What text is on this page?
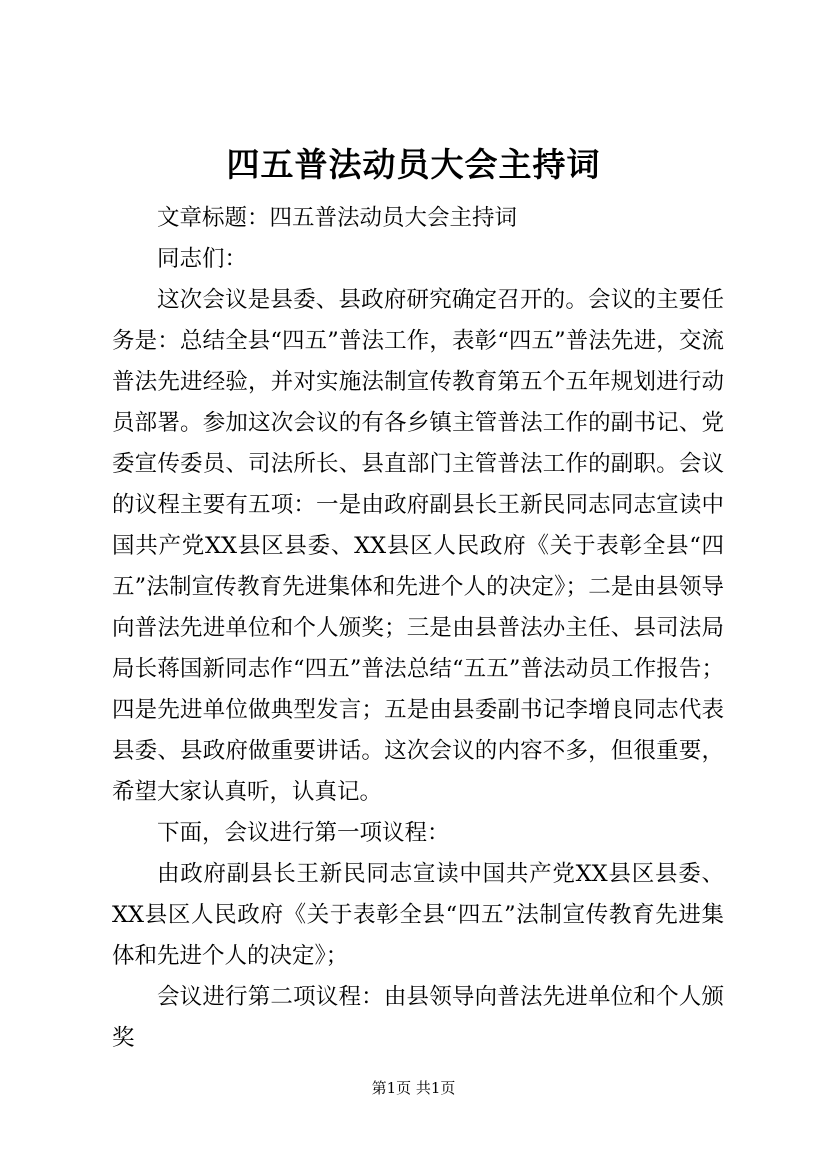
四五普法动员大会主持词

文章标题：四五普法动员大会主持词

同志们：

这次会议是县委、县政府研究确定召开的。会议的主要任务是：总结全县“四五”普法工作，表彰“四五”普法先进，交流普法先进经验，并对实施法制宣传教育第五个五年规划进行动员部署。参加这次会议的有各乡镇主管普法工作的副书记、党委宣传委员、司法所长、县直部门主管普法工作的副职。会议的议程主要有五项：一是由政府副县长王新民同志同志宣读中国共产党XX县区县委、XX县区人民政府《关于表彰全县“四五”法制宣传教育先进集体和先进个人的决定》；二是由县领导向普法先进单位和个人颁奖；三是由县普法办主任、县司法局局长蒋国新同志作“四五”普法总结“五五”普法动员工作报告；四是先进单位做典型发言；五是由县委副书记李增良同志代表县委、县政府做重要讲话。这次会议的内容不多，但很重要，希望大家认真听，认真记。

下面，会议进行第一项议程：

由政府副县长王新民同志宣读中国共产党XX县区县委、XX县区人民政府《关于表彰全县“四五”法制宣传教育先进集体和先进个人的决定》；

会议进行第二项议程：由县领导向普法先进单位和个人颁奖

第1页 共1页
